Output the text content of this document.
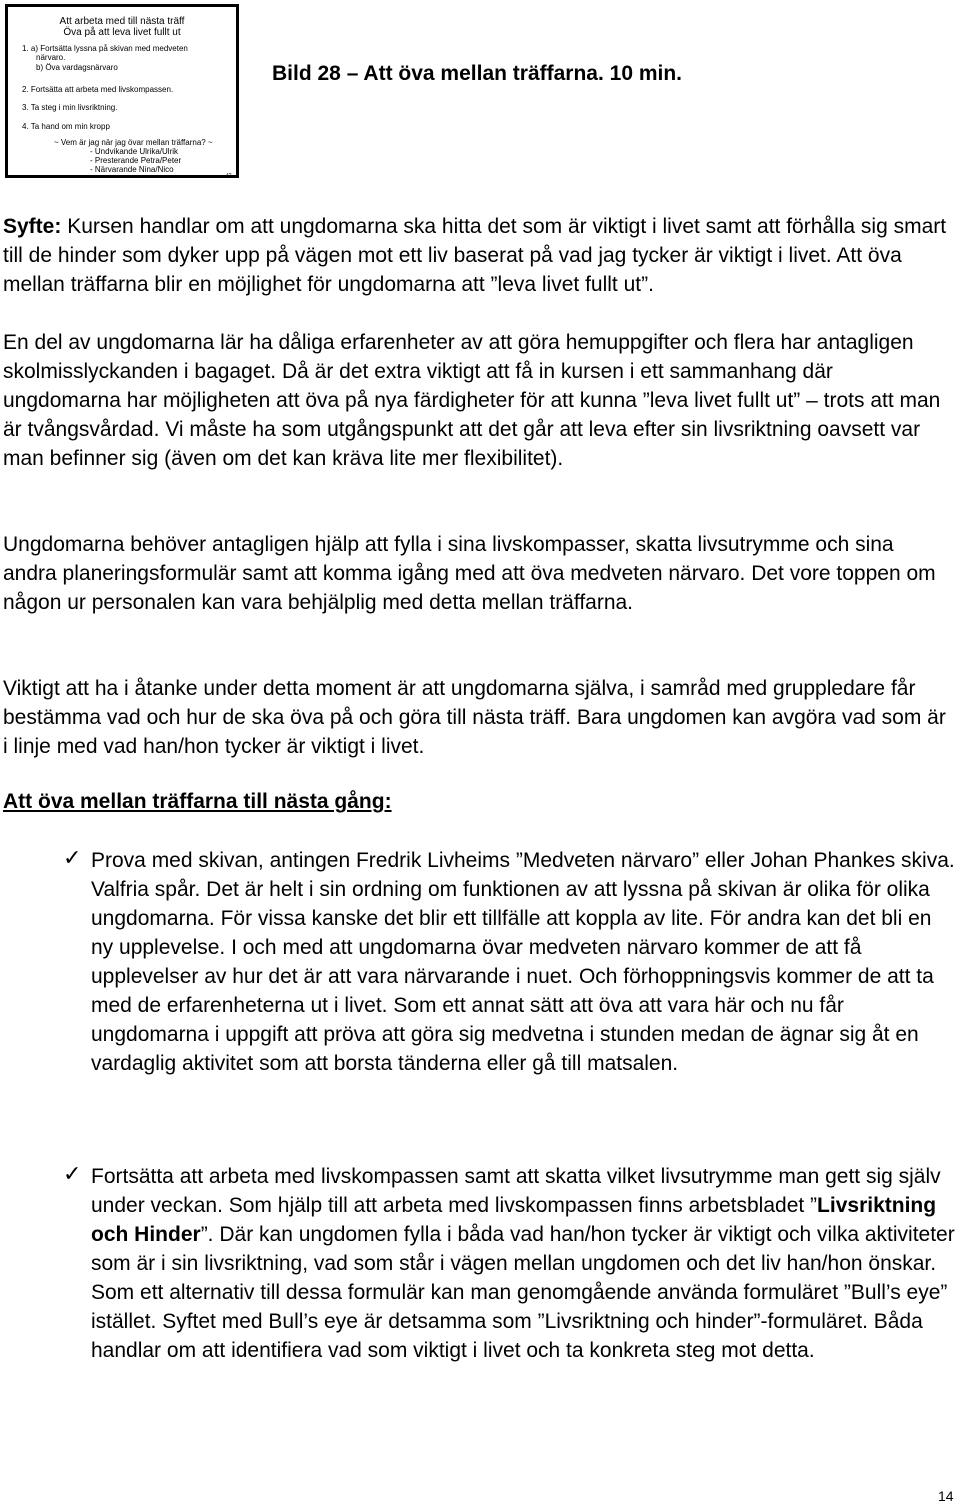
Att arbeta med till nästa träff
Öva på att leva livet fullt ut
1. a) Fortsätta lyssna på skivan med medveten
närvaro.
b) Öva vardagsnärvaro
2. Fortsätta att arbeta med livskompassen.
3. Ta steg i min livsriktning.
4. Ta hand om min kropp
~ Vem är jag när jag övar mellan träffarna? ~
- Undvikande Ulrika/Ulrik
- Presterande Petra/Peter
- Närvarande Nina/Nico
42
Bild 28 – Att öva mellan träffarna. 10 min.

Syfte: Kursen handlar om att ungdomarna ska hitta det som är viktigt i livet samt att förhålla sig smart till de hinder som dyker upp på vägen mot ett liv baserat på vad jag tycker är viktigt i livet. Att öva mellan träffarna blir en möjlighet för ungdomarna att ”leva livet fullt ut”.

En del av ungdomarna lär ha dåliga erfarenheter av att göra hemuppgifter och flera har antagligen skolmisslyckanden i bagaget. Då är det extra viktigt att få in kursen i ett sammanhang där ungdomarna har möjligheten att öva på nya färdigheter för att kunna ”leva livet fullt ut” – trots att man är tvångsvårdad. Vi måste ha som utgångspunkt att det går att leva efter sin livsriktning oavsett var man befinner sig (även om det kan kräva lite mer flexibilitet).
Ungdomarna behöver antagligen hjälp att fylla i sina livskompasser, skatta livsutrymme och sina andra planeringsformulär samt att komma igång med att öva medveten närvaro. Det vore toppen om någon ur personalen kan vara behjälplig med detta mellan träffarna.
Viktigt att ha i åtanke under detta moment är att ungdomarna själva, i samråd med gruppledare får bestämma vad och hur de ska öva på och göra till nästa träff. Bara ungdomen kan avgöra vad som är i linje med vad han/hon tycker är viktigt i livet.
Att öva mellan träffarna till nästa gång:
✓ Prova med skivan, antingen Fredrik Livheims ”Medveten närvaro” eller Johan Phankes skiva. Valfria spår. Det är helt i sin ordning om funktionen av att lyssna på skivan är olika för olika ungdomarna. För vissa kanske det blir ett tillfälle att koppla av lite. För andra kan det bli en ny upplevelse. I och med att ungdomarna övar medveten närvaro kommer de att få upplevelser av hur det är att vara närvarande i nuet. Och förhoppningsvis kommer de att ta med de erfarenheterna ut i livet. Som ett annat sätt att öva att vara här och nu får ungdomarna i uppgift att pröva att göra sig medvetna i stunden medan de ägnar sig åt en vardaglig aktivitet som att borsta tänderna eller gå till matsalen.
✓ Fortsätta att arbeta med livskompassen samt att skatta vilket livsutrymme man gett sig själv under veckan. Som hjälp till att arbeta med livskompassen finns arbetsbladet ”Livsriktning och Hinder”. Där kan ungdomen fylla i båda vad han/hon tycker är viktigt och vilka aktiviteter som är i sin livsriktning, vad som står i vägen mellan ungdomen och det liv han/hon önskar. Som ett alternativ till dessa formulär kan man genomgående använda formuläret ”Bull’s eye” istället. Syftet med Bull’s eye är detsamma som ”Livsriktning och hinder”-formuläret. Båda handlar om att identifiera vad som viktigt i livet och ta konkreta steg mot detta.
14
